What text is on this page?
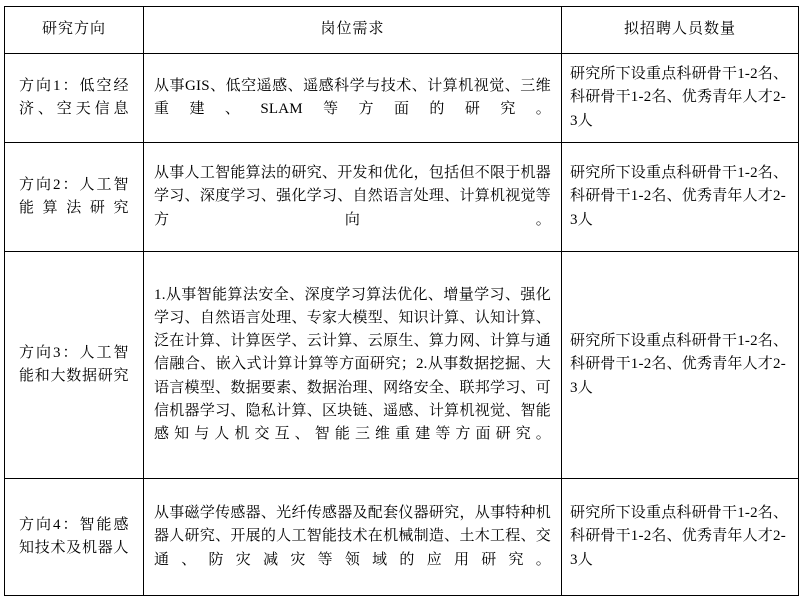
研究方向	岗位需求	拟招聘人员数量
方向1：低空经济、空天信息	从事GIS、低空遥感、遥感科学与技术、计算机视觉、三维重建、SLAM等方面的研究。	研究所下设重点科研骨干1-2名、科研骨干1-2名、优秀青年人才2-3人
方向2：人工智能算法研究	从事人工智能算法的研究、开发和优化，包括但不限于机器学习、深度学习、强化学习、自然语言处理、计算机视觉等方向。	研究所下设重点科研骨干1-2名、科研骨干1-2名、优秀青年人才2-3人
方向3：人工智能和大数据研究	1.从事智能算法安全、深度学习算法优化、增量学习、强化学习、自然语言处理、专家大模型、知识计算、认知计算、泛在计算、计算医学、云计算、云原生、算力网、计算与通信融合、嵌入式计算计算等方面研究；2.从事数据挖掘、大语言模型、数据要素、数据治理、网络安全、联邦学习、可信机器学习、隐私计算、区块链、遥感、计算机视觉、智能感知与人机交互、智能三维重建等方面研究。	研究所下设重点科研骨干1-2名、科研骨干1-2名、优秀青年人才2-3人
方向4：智能感知技术及机器人	从事磁学传感器、光纤传感器及配套仪器研究，从事特种机器人研究、开展的人工智能技术在机械制造、土木工程、交通、防灾减灾等领域的应用研究。	研究所下设重点科研骨干1-2名、科研骨干1-2名、优秀青年人才2-3人
